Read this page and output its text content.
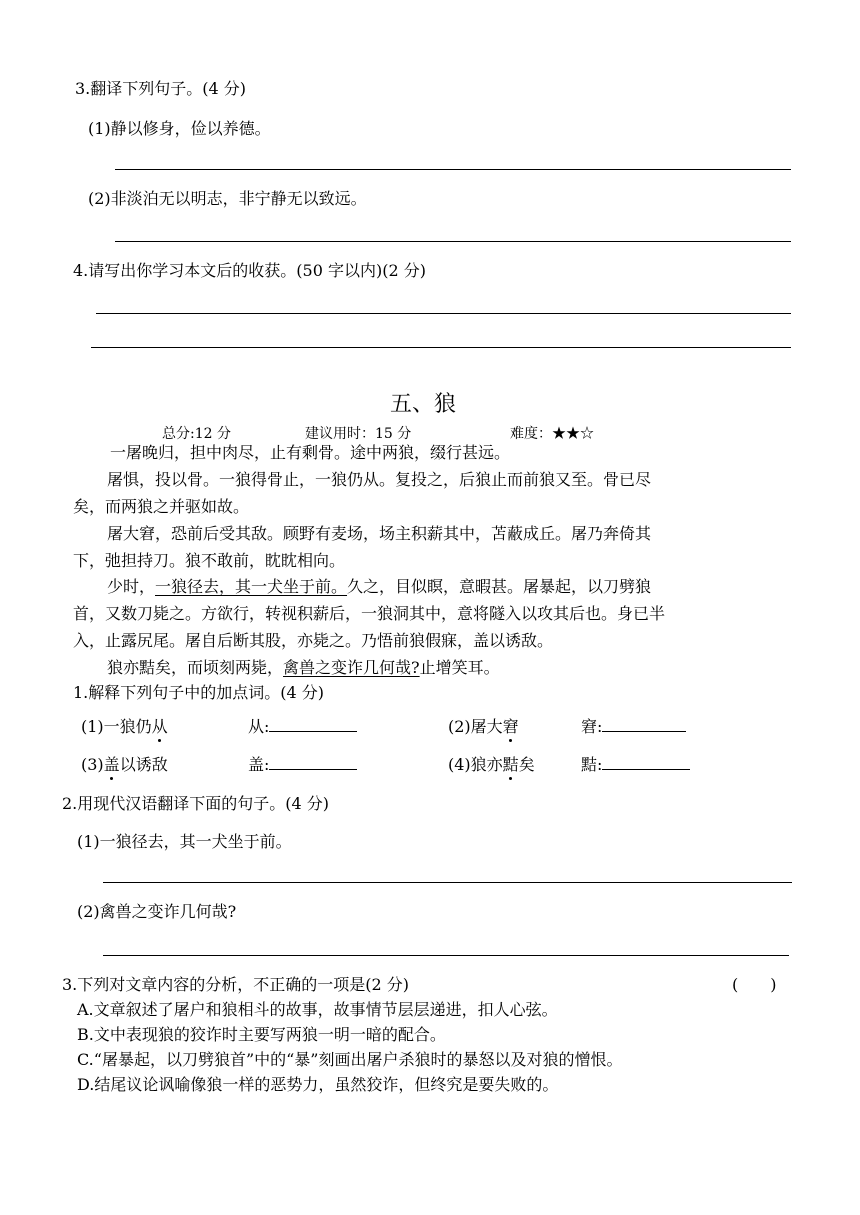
3.翻译下列句子。(4 分)
(1)静以修身，俭以养德。
(2)非淡泊无以明志，非宁静无以致远。
4.请写出你学习本文后的收获。(50 字以内)(2 分)
五、狼
总分:12 分	建议用时：15 分	难度：★★☆
一屠晚归，担中肉尽，止有剩骨。途中两狼，缀行甚远。
屠惧，投以骨。一狼得骨止，一狼仍从。复投之，后狼止而前狼又至。骨已尽
矣，而两狼之并驱如故。
屠大窘，恐前后受其敌。顾野有麦场，场主积薪其中，苫蔽成丘。屠乃奔倚其
下，弛担持刀。狼不敢前，眈眈相向。
少时，一狼径去，其一犬坐于前。久之，目似瞑，意暇甚。屠暴起，以刀劈狼
首，又数刀毙之。方欲行，转视积薪后，一狼洞其中，意将隧入以攻其后也。身已半
入，止露尻尾。屠自后断其股，亦毙之。乃悟前狼假寐，盖以诱敌。
狼亦黠矣，而顷刻两毙，禽兽之变诈几何哉?止增笑耳。
1.解释下列句子中的加点词。(4 分)
(1)一狼仍从	从:	(2)屠大窘	窘:
(3)盖以诱敌	盖:	(4)狼亦黠矣	黠:
2.用现代汉语翻译下面的句子。(4 分)
(1)一狼径去，其一犬坐于前。
(2)禽兽之变诈几何哉?
3.下列对文章内容的分析，不正确的一项是(2 分)	(　　)
A.文章叙述了屠户和狼相斗的故事，故事情节层层递进，扣人心弦。
B.文中表现狼的狡诈时主要写两狼一明一暗的配合。
C.“屠暴起，以刀劈狼首”中的“暴”刻画出屠户杀狼时的暴怒以及对狼的憎恨。
D.结尾议论讽喻像狼一样的恶势力，虽然狡诈，但终究是要失败的。
